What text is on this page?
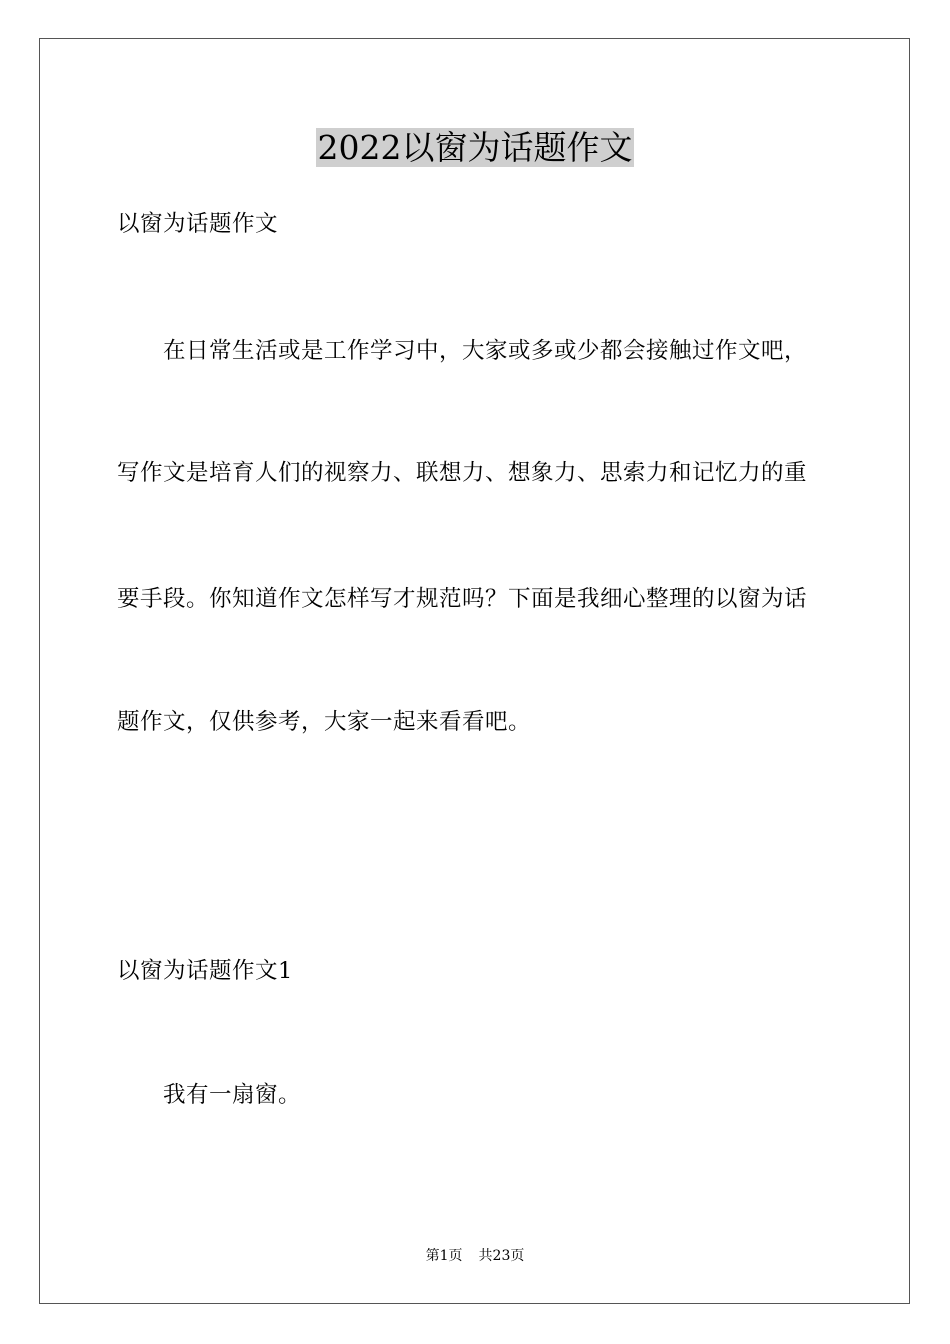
2022以窗为话题作文
以窗为话题作文
在日常生活或是工作学习中，大家或多或少都会接触过作文吧，
写作文是培育人们的视察力、联想力、想象力、思索力和记忆力的重
要手段。你知道作文怎样写才规范吗？下面是我细心整理的以窗为话
题作文，仅供参考，大家一起来看看吧。
以窗为话题作文1
我有一扇窗。
第1页 共23页
